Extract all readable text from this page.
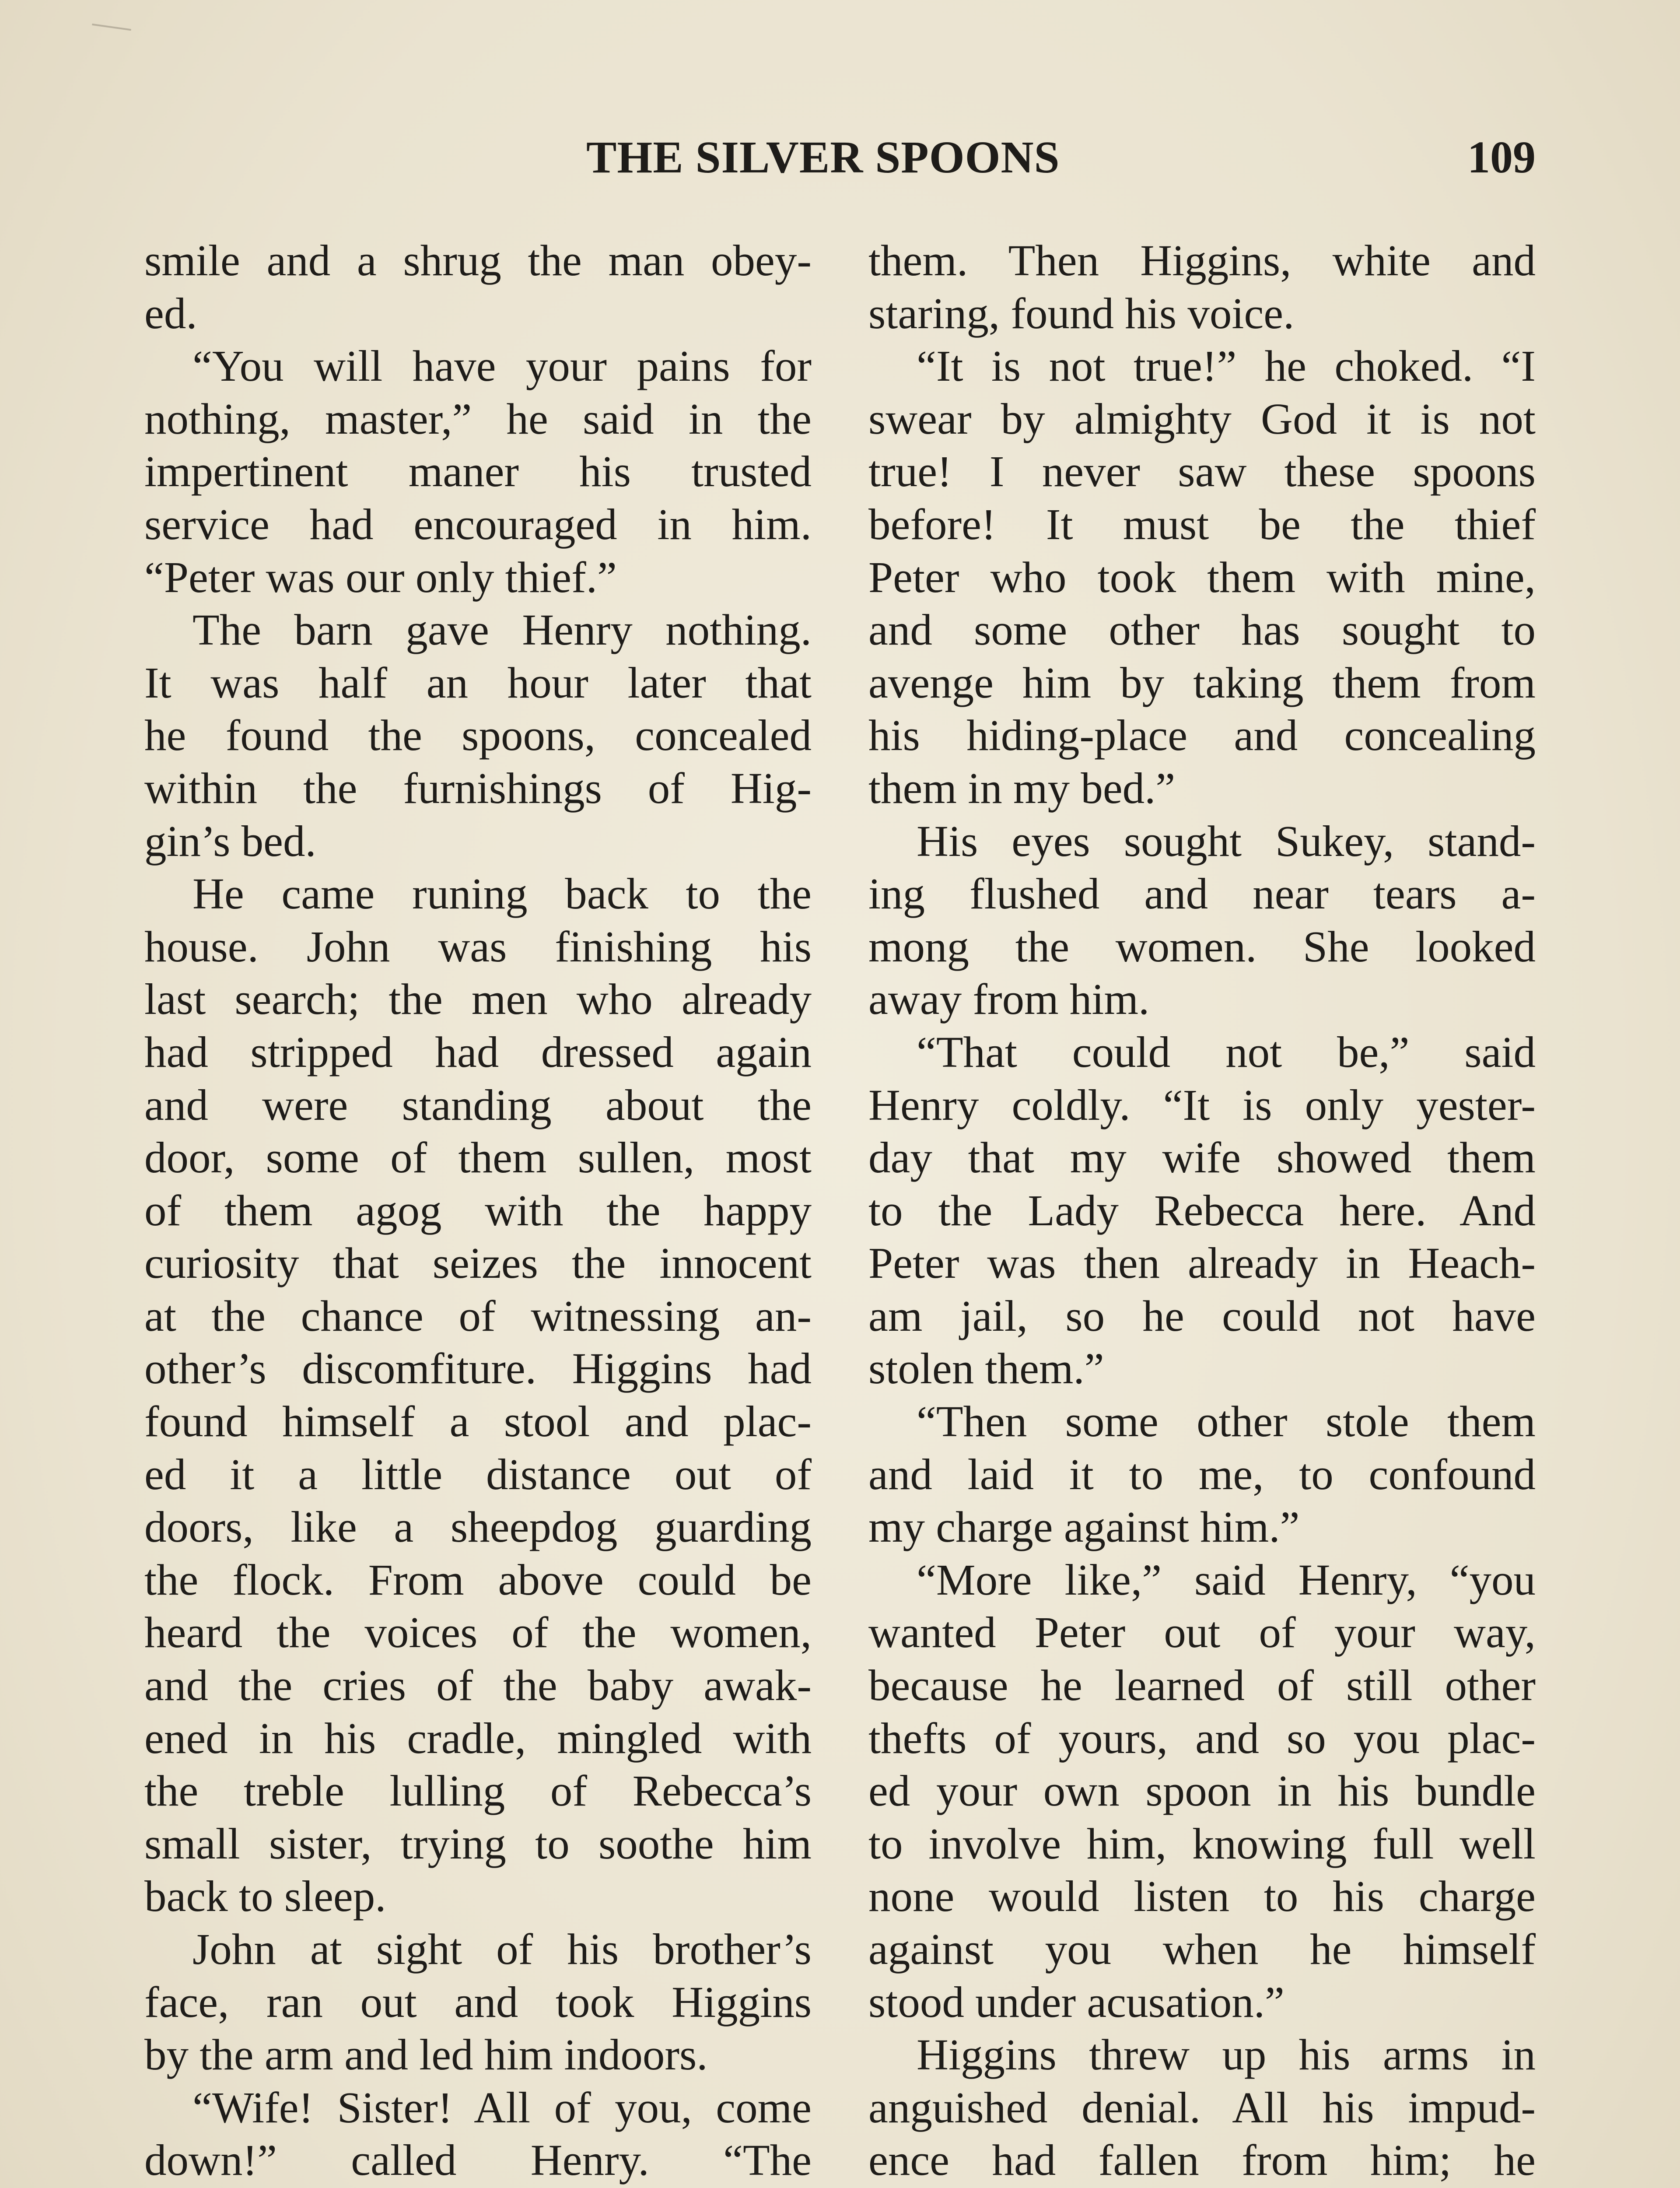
THE SILVER SPOONS	109
smile and a shrug the man obey-
ed.
“You will have your pains for
nothing, master,” he said in the
impertinent maner his trusted
service had encouraged in him.
“Peter was our only thief.”
The barn gave Henry nothing.
It was half an hour later that
he found the spoons, concealed
within the furnishings of Hig-
gin’s bed.
He came runing back to the
house. John was finishing his
last search; the men who already
had stripped had dressed again
and were standing about the
door, some of them sullen, most
of them agog with the happy
curiosity that seizes the innocent
at the chance of witnessing an-
other’s discomfiture. Higgins had
found himself a stool and plac-
ed it a little distance out of
doors, like a sheepdog guarding
the flock. From above could be
heard the voices of the women,
and the cries of the baby awak-
ened in his cradle, mingled with
the treble lulling of Rebecca’s
small sister, trying to soothe him
back to sleep.
John at sight of his brother’s
face, ran out and took Higgins
by the arm and led him indoors.
“Wife! Sister! All of you, come
down!” called Henry. “The
them. Then Higgins, white and
staring, found his voice.
“It is not true!” he choked. “I
swear by almighty God it is not
true! I never saw these spoons
before! It must be the thief
Peter who took them with mine,
and some other has sought to
avenge him by taking them from
his hiding-place and concealing
them in my bed.”
His eyes sought Sukey, stand-
ing flushed and near tears a-
mong the women. She looked
away from him.
“That could not be,” said
Henry coldly. “It is only yester-
day that my wife showed them
to the Lady Rebecca here. And
Peter was then already in Heach-
am jail, so he could not have
stolen them.”
“Then some other stole them
and laid it to me, to confound
my charge against him.”
“More like,” said Henry, “you
wanted Peter out of your way,
because he learned of still other
thefts of yours, and so you plac-
ed your own spoon in his bundle
to involve him, knowing full well
none would listen to his charge
against you when he himself
stood under acusation.”
Higgins threw up his arms in
anguished denial. All his impud-
ence had fallen from him; he
